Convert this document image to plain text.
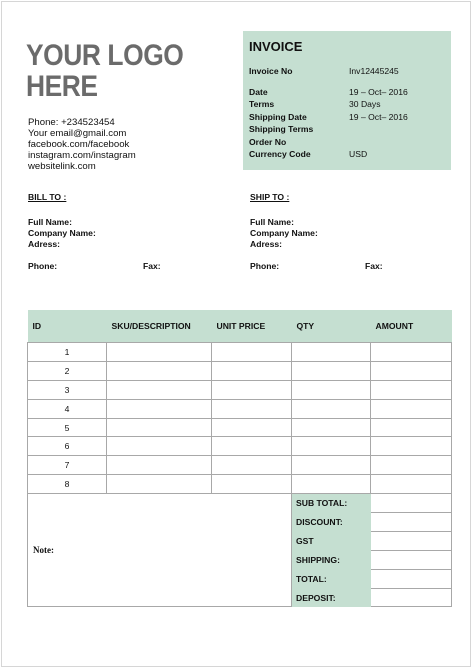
YOUR LOGO
HERE
Phone: +234523454
Your email@gmail.com
facebook.com/facebook
instagram.com/instagram
websitelink.com
INVOICE
Invoice No	Inv12445245
Date	19 – Oct– 2016
Terms	30 Days
Shipping Date	19 – Oct– 2016
Shipping Terms
Order No
Currency Code	USD
BILL TO :
Full Name:
Company Name:
Adress:
Phone:	Fax:
SHIP TO :
Full Name:
Company Name:
Adress:
Phone:	Fax:
ID	SKU/DESCRIPTION	UNIT PRICE	QTY	AMOUNT
1				
2				
3				
4				
5				
6				
7				
8				
Note:			SUB TOTAL:	
			DISCOUNT:	
			GST	
			SHIPPING:	
			TOTAL:	
			DEPOSIT:	
